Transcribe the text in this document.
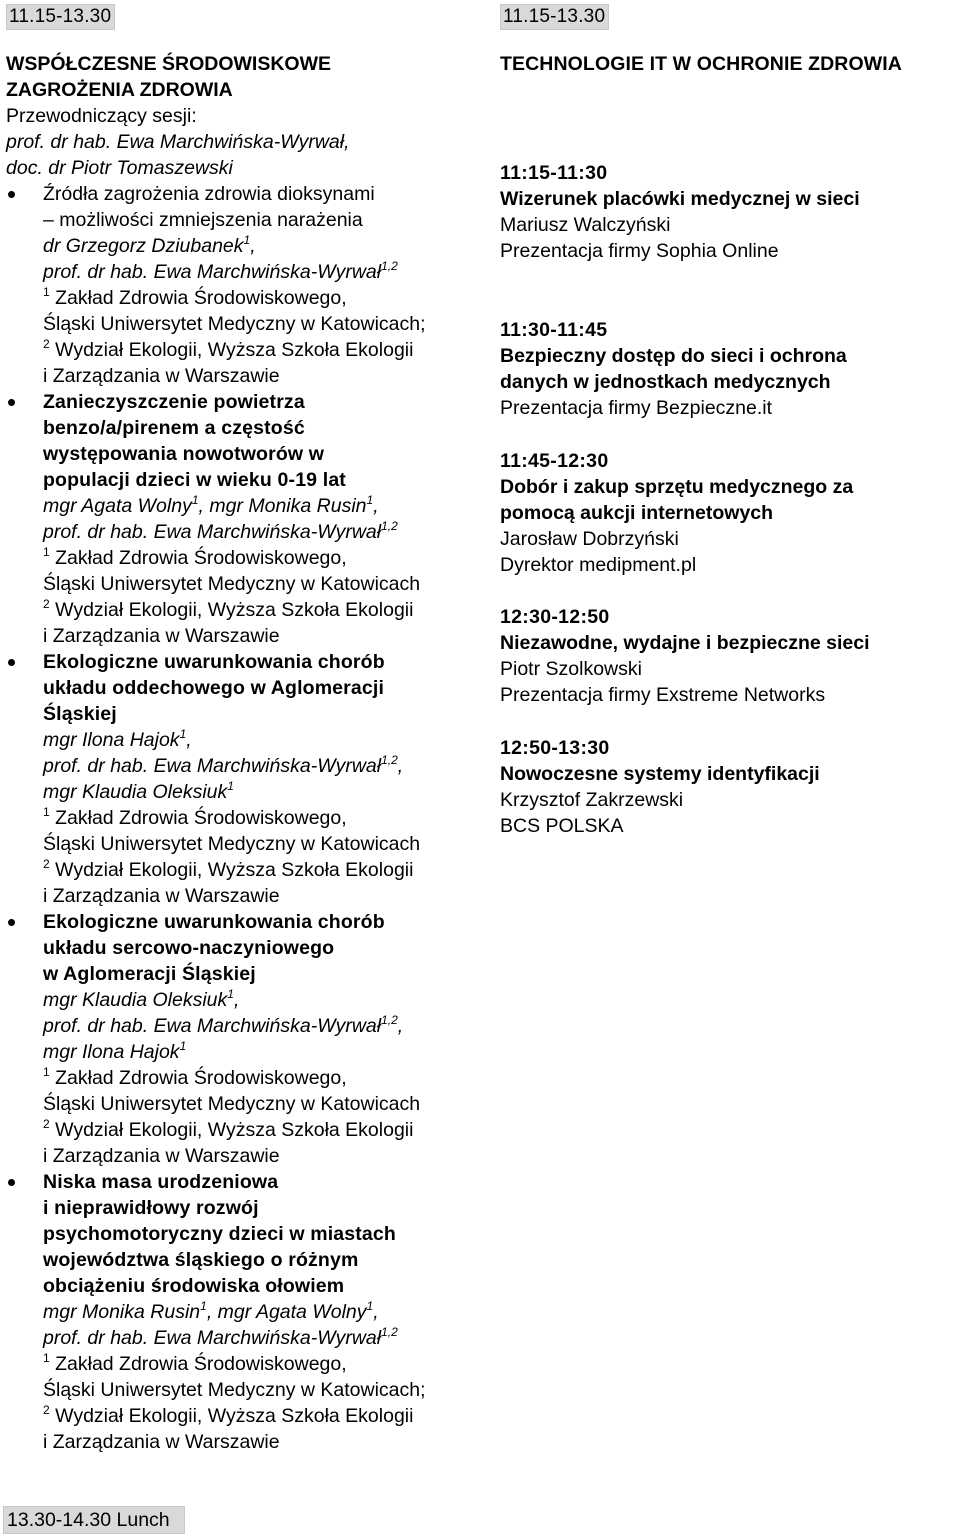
11.15-13.30
WSPÓŁCZESNE ŚRODOWISKOWE
ZAGROŻENIA ZDROWIA
Przewodniczący sesji:
prof. dr hab. Ewa Marchwińska-Wyrwał,
doc. dr Piotr Tomaszewski
Źródła zagrożenia zdrowia dioksynami
– możliwości zmniejszenia narażenia
dr Grzegorz Dziubanek$^1$,
prof. dr hab. Ewa Marchwińska-Wyrwał$^{1,2}$
$^1$ Zakład Zdrowia Środowiskowego,
Śląski Uniwersytet Medyczny w Katowicach;
$^2$ Wydział Ekologii, Wyższa Szkoła Ekologii
i Zarządzania w Warszawie
Zanieczyszczenie powietrza
benzo/a/pirenem a częstość
występowania nowotworów w
populacji dzieci w wieku 0-19 lat
mgr Agata Wolny$^1$, mgr Monika Rusin$^1$,
prof. dr hab. Ewa Marchwińska-Wyrwał$^{1,2}$
$^1$ Zakład Zdrowia Środowiskowego,
Śląski Uniwersytet Medyczny w Katowicach
$^2$ Wydział Ekologii, Wyższa Szkoła Ekologii
i Zarządzania w Warszawie
Ekologiczne uwarunkowania chorób
układu oddechowego w Aglomeracji
Śląskiej
mgr Ilona Hajok$^1$,
prof. dr hab. Ewa Marchwińska-Wyrwał$^{1,2}$,
mgr Klaudia Oleksiuk$^1$
$^1$ Zakład Zdrowia Środowiskowego,
Śląski Uniwersytet Medyczny w Katowicach
$^2$ Wydział Ekologii, Wyższa Szkoła Ekologii
i Zarządzania w Warszawie
Ekologiczne uwarunkowania chorób
układu sercowo-naczyniowego
w Aglomeracji Śląskiej
mgr Klaudia Oleksiuk$^1$,
prof. dr hab. Ewa Marchwińska-Wyrwał$^{1,2}$,
mgr Ilona Hajok$^1$
$^1$ Zakład Zdrowia Środowiskowego,
Śląski Uniwersytet Medyczny w Katowicach
$^2$ Wydział Ekologii, Wyższa Szkoła Ekologii
i Zarządzania w Warszawie
Niska masa urodzeniowa
i nieprawidłowy rozwój
psychomotoryczny dzieci w miastach
województwa śląskiego o różnym
obciążeniu środowiska ołowiem
mgr Monika Rusin$^1$, mgr Agata Wolny$^1$,
prof. dr hab. Ewa Marchwińska-Wyrwał$^{1,2}$
$^1$ Zakład Zdrowia Środowiskowego,
Śląski Uniwersytet Medyczny w Katowicach;
$^2$ Wydział Ekologii, Wyższa Szkoła Ekologii
i Zarządzania w Warszawie
11.15-13.30
TECHNOLOGIE IT W OCHRONIE ZDROWIA
11:15-11:30
Wizerunek placówki medycznej w sieci
Mariusz Walczyński
Prezentacja firmy Sophia Online
11:30-11:45
Bezpieczny dostęp do sieci i ochrona
danych w jednostkach medycznych
Prezentacja firmy Bezpieczne.it
11:45-12:30
Dobór i zakup sprzętu medycznego za
pomocą aukcji internetowych
Jarosław Dobrzyński
Dyrektor medipment.pl
12:30-12:50
Niezawodne, wydajne i bezpieczne sieci
Piotr Szolkowski
Prezentacja firmy Exstreme Networks
12:50-13:30
Nowoczesne systemy identyfikacji
Krzysztof Zakrzewski
BCS POLSKA
13.30-14.30 Lunch
